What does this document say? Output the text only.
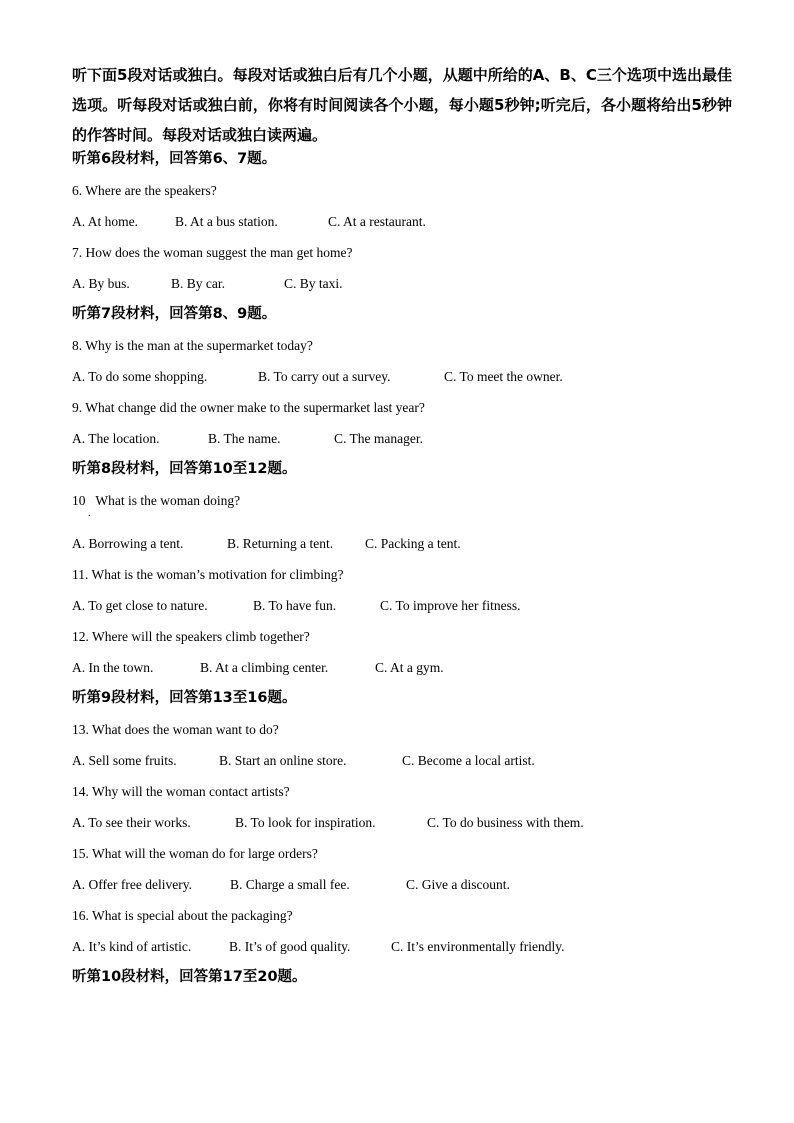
听下面5段对话或独白。每段对话或独白后有几个小题，从题中所给的A、B、C三个选项中选出最佳选项。听每段对话或独白前，你将有时间阅读各个小题，每小题5秒钟;听完后，各小题将给出5秒钟的作答时间。每段对话或独白读两遍。

听第6段材料，回答第6、7题。
6. Where are the speakers?
A. At home.	B. At a bus station.	C. At a restaurant.
7. How does the woman suggest the man get home?
A. By bus.	B. By car.	C. By taxi.
听第7段材料，回答第8、9题。
8. Why is the man at the supermarket today?
A. To do some shopping.	B. To carry out a survey.	C. To meet the owner.
9. What change did the owner make to the supermarket last year?
A. The location.	B. The name.	C. The manager.
听第8段材料，回答第10至12题。
10   What is the woman doing?
.
A. Borrowing a tent.	B. Returning a tent. C. Packing a tent.
11. What is the woman’s motivation for climbing?
A. To get close to nature.	B. To have fun.	C. To improve her fitness.
12. Where will the speakers climb together?
A. In the town.	B. At a climbing center.	C. At a gym.
听第9段材料，回答第13至16题。
13. What does the woman want to do?
A. Sell some fruits.	B. Start an online store.	C. Become a local artist.
14. Why will the woman contact artists?
A. To see their works.	B. To look for inspiration.	C. To do business with them.
15. What will the woman do for large orders?
A. Offer free delivery.	B. Charge a small fee.	C. Give a discount.
16. What is special about the packaging?
A. It’s kind of artistic.	B. It’s of good quality.	C. It’s environmentally friendly.
听第10段材料，回答第17至20题。
